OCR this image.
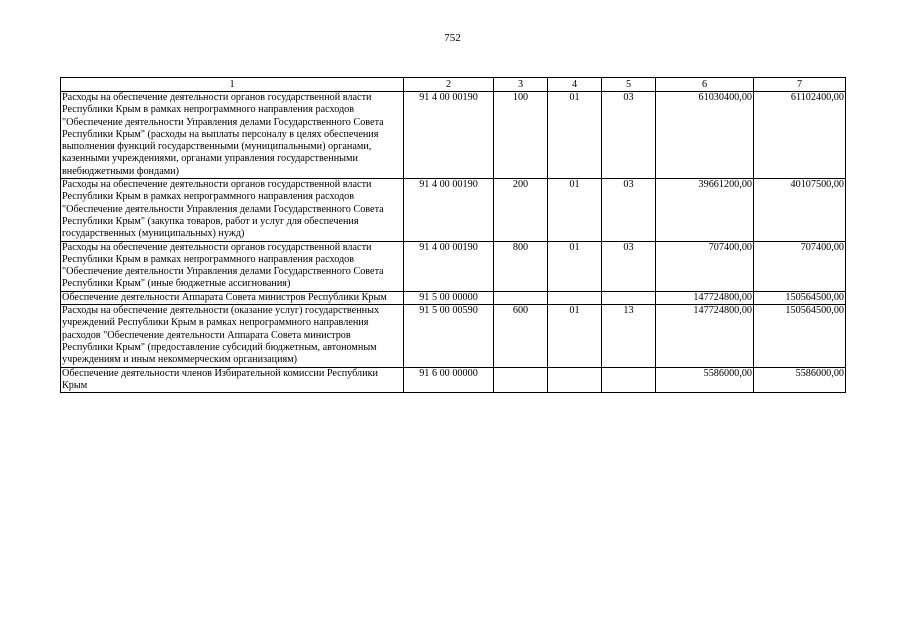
752
1	2	3	4	5	6	7
Расходы на обеспечение деятельности органов государственной власти Республики Крым в рамках непрограммного направления расходов "Обеспечение деятельности Управления делами Государственного Совета Республики Крым" (расходы на выплаты персоналу в целях обеспечения выполнения функций государственными (муниципальными) органами, казенными учреждениями, органами управления государственными внебюджетными фондами)	91 4 00 00190	100	01	03	61030400,00	61102400,00
Расходы на обеспечение деятельности органов государственной власти Республики Крым в рамках непрограммного направления расходов "Обеспечение деятельности Управления делами Государственного Совета Республики Крым" (закупка товаров, работ и услуг для обеспечения государственных (муниципальных) нужд)	91 4 00 00190	200	01	03	39661200,00	40107500,00
Расходы на обеспечение деятельности органов государственной власти Республики Крым в рамках непрограммного направления расходов "Обеспечение деятельности Управления делами Государственного Совета Республики Крым" (иные бюджетные ассигнования)	91 4 00 00190	800	01	03	707400,00	707400,00
Обеспечение деятельности Аппарата Совета министров Республики Крым	91 5 00 00000				147724800,00	150564500,00
Расходы на обеспечение деятельности (оказание услуг) государственных учреждений Республики Крым в рамках непрограммного направления расходов "Обеспечение деятельности Аппарата Совета министров Республики Крым" (предоставление субсидий бюджетным, автономным учреждениям и иным некоммерческим организациям)	91 5 00 00590	600	01	13	147724800,00	150564500,00
Обеспечение деятельности членов Избирательной комиссии Республики Крым	91 6 00 00000				5586000,00	5586000,00
